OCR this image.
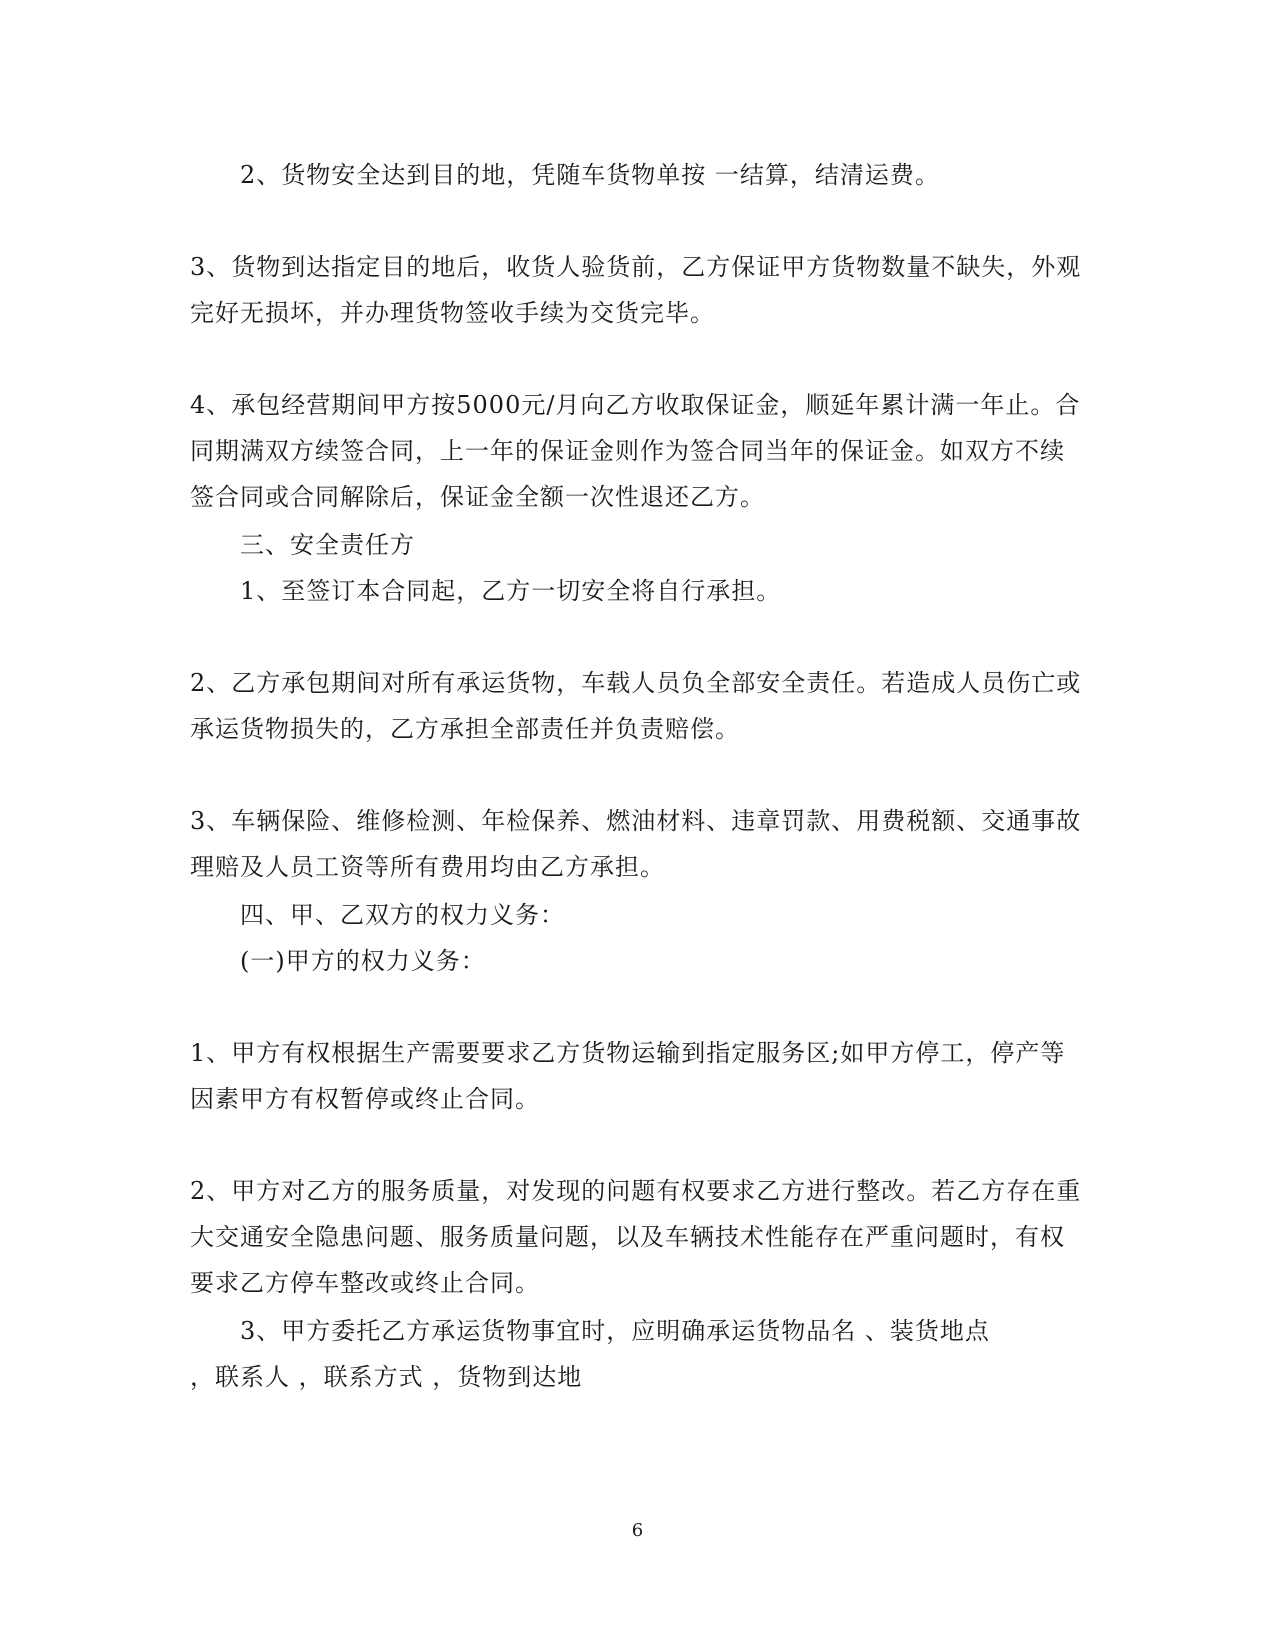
2、货物安全达到目的地，凭随车货物单按 一结算，结清运费。
3、货物到达指定目的地后，收货人验货前，乙方保证甲方货物数量不缺失，外观
完好无损坏，并办理货物签收手续为交货完毕。
4、承包经营期间甲方按5000元/月向乙方收取保证金，顺延年累计满一年止。合
同期满双方续签合同，上一年的保证金则作为签合同当年的保证金。如双方不续
签合同或合同解除后，保证金全额一次性退还乙方。
三、安全责任方
1、至签订本合同起，乙方一切安全将自行承担。
2、乙方承包期间对所有承运货物，车载人员负全部安全责任。若造成人员伤亡或
承运货物损失的，乙方承担全部责任并负责赔偿。
3、车辆保险、维修检测、年检保养、燃油材料、违章罚款、用费税额、交通事故
理赔及人员工资等所有费用均由乙方承担。
四、甲、乙双方的权力义务：
(一)甲方的权力义务：
1、甲方有权根据生产需要要求乙方货物运输到指定服务区;如甲方停工，停产等
因素甲方有权暂停或终止合同。
2、甲方对乙方的服务质量，对发现的问题有权要求乙方进行整改。若乙方存在重
大交通安全隐患问题、服务质量问题，以及车辆技术性能存在严重问题时，有权
要求乙方停车整改或终止合同。
3、甲方委托乙方承运货物事宜时，应明确承运货物品名 、装货地点
，联系人 ，联系方式 ，货物到达地
6
